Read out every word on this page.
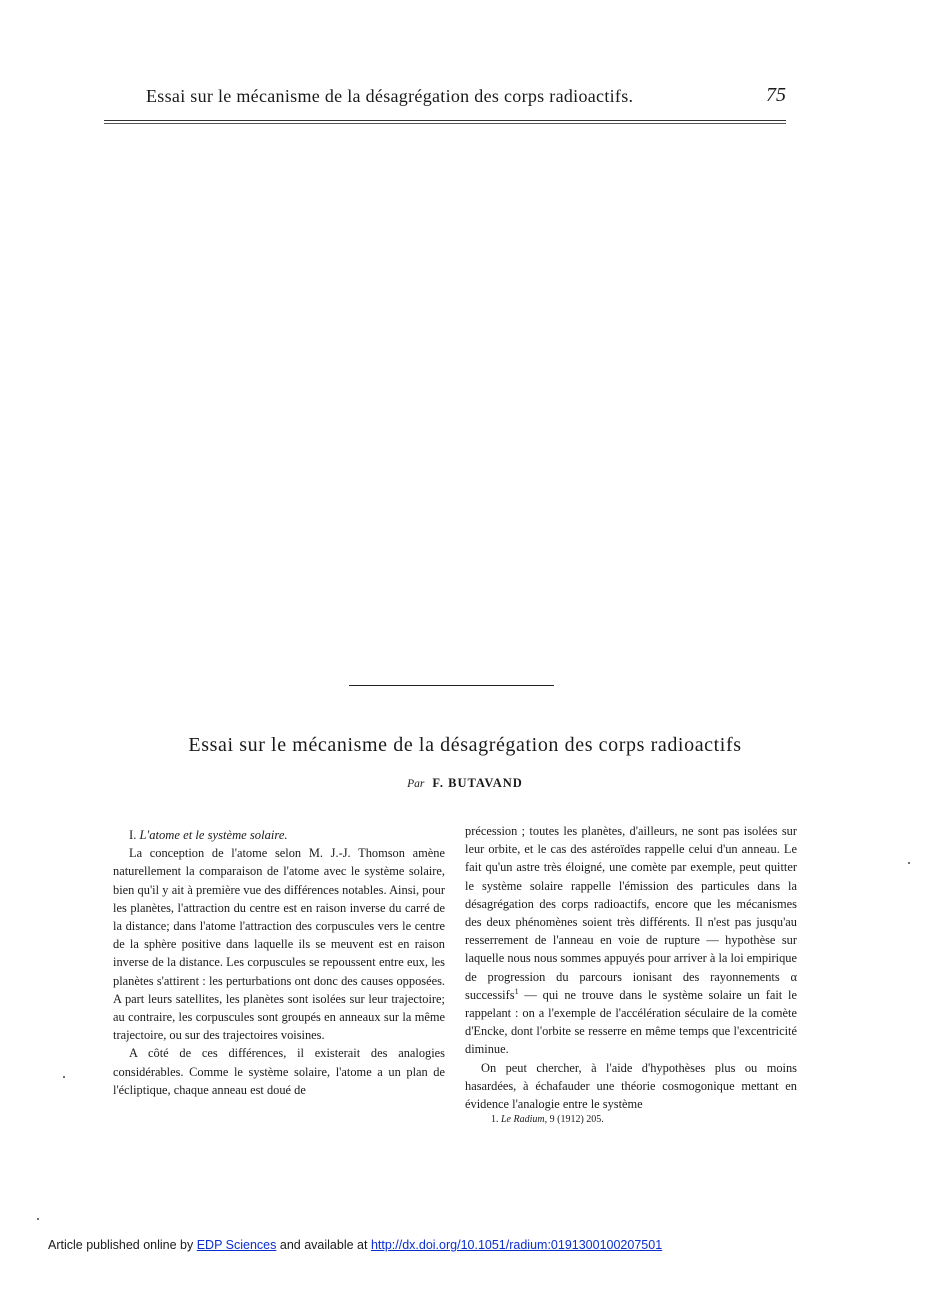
Essai sur le mécanisme de la désagrégation des corps radioactifs.	75
Essai sur le mécanisme de la désagrégation des corps radioactifs
Par F. BUTAVAND

I. L'atome et le système solaire.

La conception de l'atome selon M. J.-J. Thomson amène naturellement la comparaison de l'atome avec le système solaire, bien qu'il y ait à première vue des différences notables. Ainsi, pour les planètes, l'attraction du centre est en raison inverse du carré de la distance; dans l'atome l'attraction des corpuscules vers le centre de la sphère positive dans laquelle ils se meuvent est en raison inverse de la distance. Les corpuscules se repoussent entre eux, les planètes s'attirent : les perturbations ont donc des causes opposées. A part leurs satellites, les planètes sont isolées sur leur trajectoire; au contraire, les corpuscules sont groupés en anneaux sur la même trajectoire, ou sur des trajectoires voisines.

A côté de ces différences, il existerait des analogies considérables. Comme le système solaire, l'atome a un plan de l'écliptique, chaque anneau est doué de

précession ; toutes les planètes, d'ailleurs, ne sont pas isolées sur leur orbite, et le cas des astéroïdes rappelle celui d'un anneau. Le fait qu'un astre très éloigné, une comète par exemple, peut quitter le système solaire rappelle l'émission des particules dans la désagrégation des corps radioactifs, encore que les mécanismes des deux phénomènes soient très différents. Il n'est pas jusqu'au resserrement de l'anneau en voie de rupture — hypothèse sur laquelle nous nous sommes appuyés pour arriver à la loi empirique de progression du parcours ionisant des rayonnements α successifs$^1$ — qui ne trouve dans le système solaire un fait le rappelant : on a l'exemple de l'accélération séculaire de la comète d'Encke, dont l'orbite se resserre en même temps que l'excentricité diminue.

On peut chercher, à l'aide d'hypothèses plus ou moins hasardées, à échafauder une théorie cosmogonique mettant en évidence l'analogie entre le système

1. Le Radium, 9 (1912) 205.

Article published online by EDP Sciences and available at http://dx.doi.org/10.1051/radium:0191300100207501
